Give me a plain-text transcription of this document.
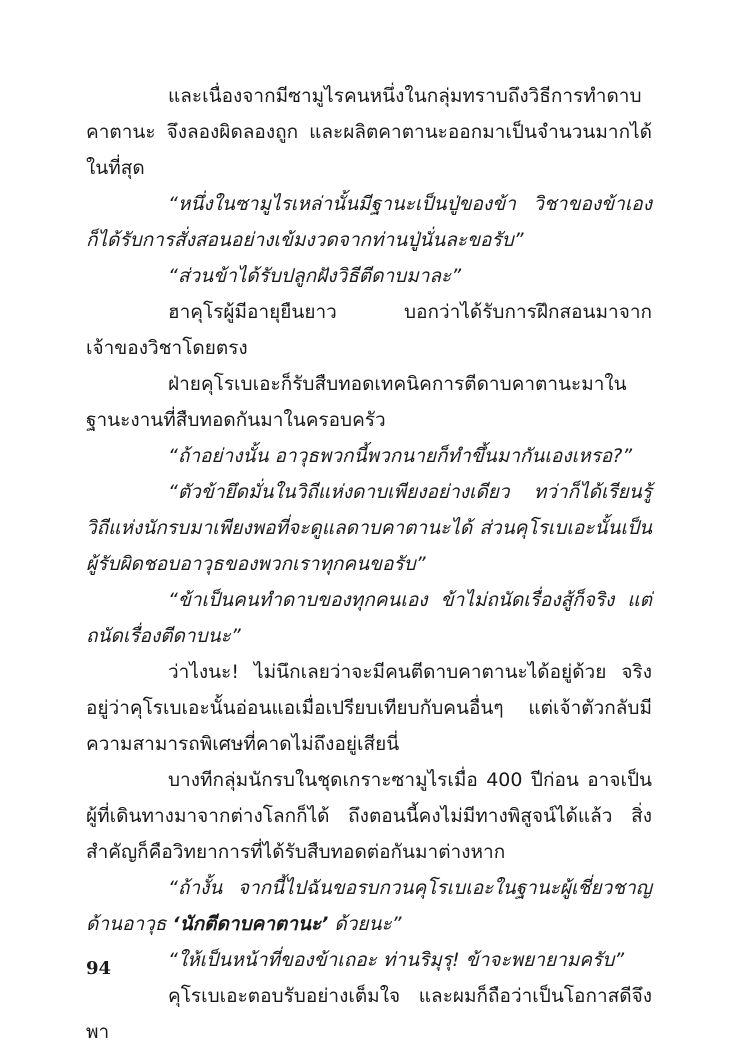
และเนื่องจากมีซามูไรคนหนึ่งในกลุ่มทราบถึงวิธีการทำดาบคาตานะ จึงลองผิดลองถูก และผลิตคาตานะออกมาเป็นจำนวนมากได้ในที่สุด

“หนึ่งในซามูไรเหล่านั้นมีฐานะเป็นปู่ของข้า วิชาของข้าเองก็ได้รับการสั่งสอนอย่างเข้มงวดจากท่านปู่นั่นละขอรับ”

“ส่วนข้าได้รับปลูกฝังวิธีตีดาบมาละ”

ฮาคุโรผู้มีอายุยืนยาว บอกว่าได้รับการฝึกสอนมาจากเจ้าของวิชาโดยตรง

ฝ่ายคุโรเบเอะก็รับสืบทอดเทคนิคการตีดาบคาตานะมาในฐานะงานที่สืบทอดกันมาในครอบครัว

“ถ้าอย่างนั้น อาวุธพวกนี้พวกนายก็ทำขึ้นมากันเองเหรอ?”

“ตัวข้ายึดมั่นในวิถีแห่งดาบเพียงอย่างเดียว ทว่าก็ได้เรียนรู้วิถีแห่งนักรบมาเพียงพอที่จะดูแลดาบคาตานะได้ ส่วนคุโรเบเอะนั้นเป็นผู้รับผิดชอบอาวุธของพวกเราทุกคนขอรับ”

“ข้าเป็นคนทำดาบของทุกคนเอง ข้าไม่ถนัดเรื่องสู้ก็จริง แต่ถนัดเรื่องตีดาบนะ”

ว่าไงนะ! ไม่นึกเลยว่าจะมีคนตีดาบคาตานะได้อยู่ด้วย จริงอยู่ว่าคุโรเบเอะนั้นอ่อนแอเมื่อเปรียบเทียบกับคนอื่นๆ แต่เจ้าตัวกลับมีความสามารถพิเศษที่คาดไม่ถึงอยู่เสียนี่

บางทีกลุ่มนักรบในชุดเกราะซามูไรเมื่อ 400 ปีก่อน อาจเป็นผู้ที่เดินทางมาจากต่างโลกก็ได้ ถึงตอนนี้คงไม่มีทางพิสูจน์ได้แล้ว สิ่งสำคัญก็คือวิทยาการที่ได้รับสืบทอดต่อกันมาต่างหาก

“ถ้างั้น จากนี้ไปฉันขอรบกวนคุโรเบเอะในฐานะผู้เชี่ยวชาญด้านอาวุธ ‘นักตีดาบคาตานะ’ ด้วยนะ”

“ให้เป็นหน้าที่ของข้าเถอะ ท่านริมุรุ! ข้าจะพยายามครับ”

คุโรเบเอะตอบรับอย่างเต็มใจ และผมก็ถือว่าเป็นโอกาสดีจึงพา

94
